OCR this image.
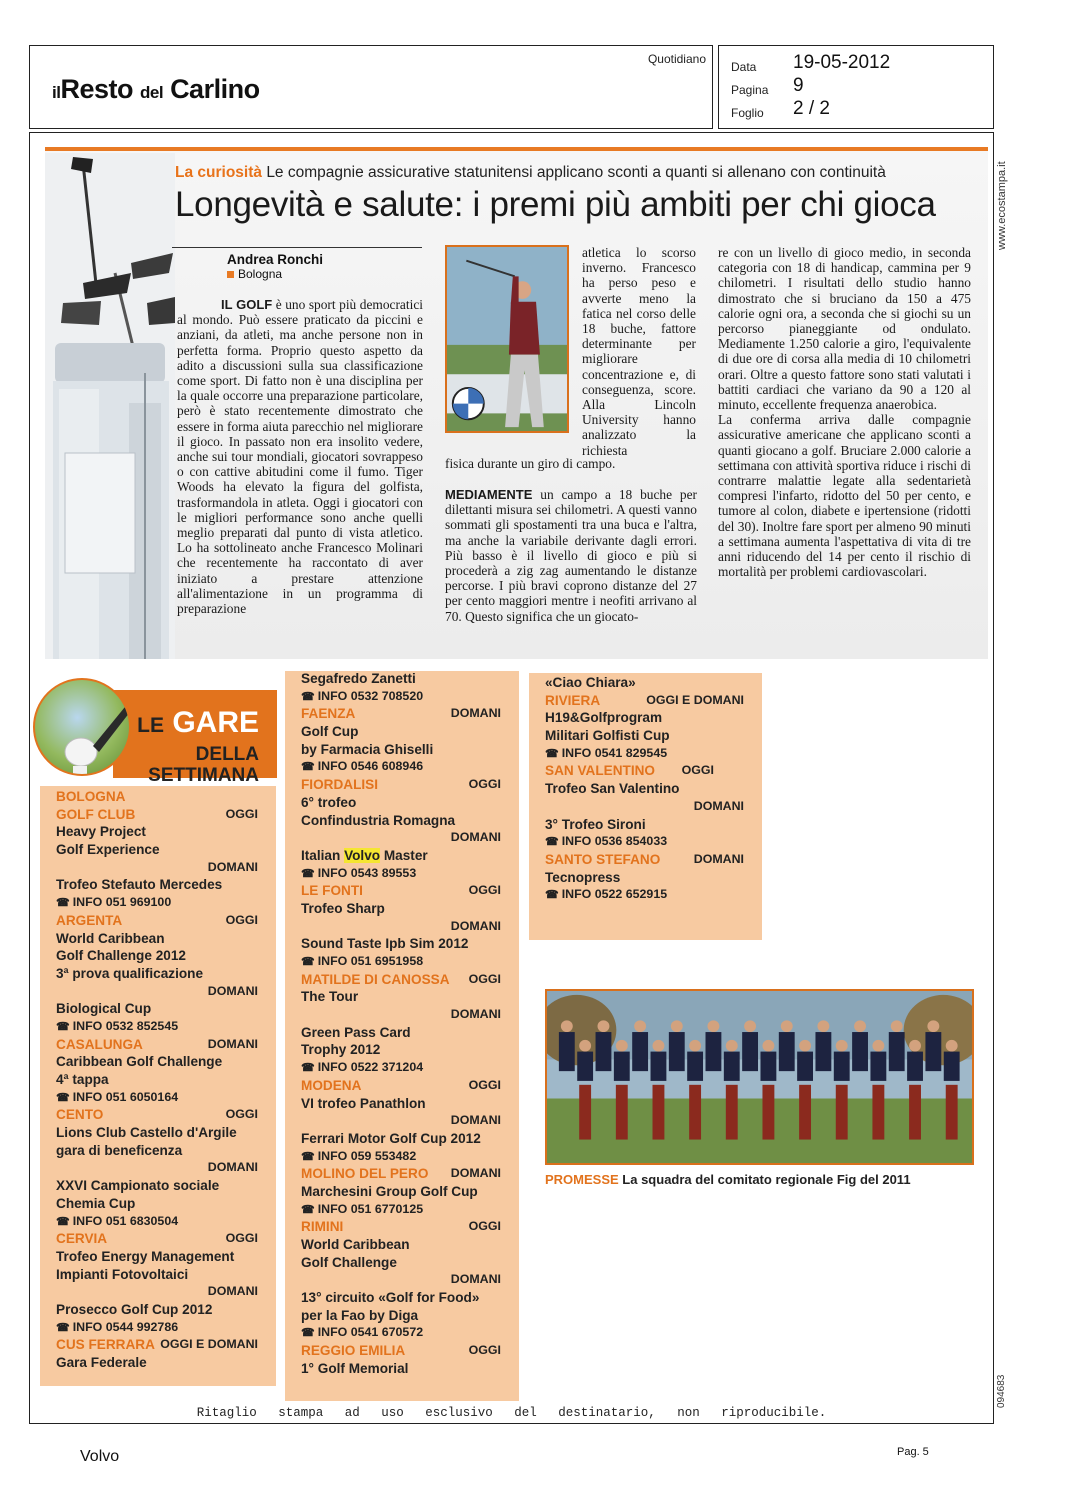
ilResto del Carlino
Quotidiano
Data	19-05-2012
Pagina	9
Foglio	2 / 2
www.ecostampa.it
094683
Ritaglio stampa ad uso esclusivo del destinatario, non riproducibile.
La curiosità Le compagnie assicurative statunitensi applicano sconti a quanti si allenano con continuità
Longevità e salute: i premi più ambiti per chi gioca
Andrea Ronchi
Bologna

IL GOLF è uno sport più democratici al mondo. Può essere praticato da piccini e anziani, da atleti, ma anche persone non in perfetta forma. Proprio questo aspetto da adito a discussioni sulla sua classificazione come sport. Di fatto non è una disciplina per la quale occorre una preparazione particolare, però è stato recentemente dimostrato che essere in forma aiuta parecchio nel migliorare il gioco. In passato non era insolito vedere, anche sui tour mondiali, giocatori sovrappeso o con cattive abitudini come il fumo. Tiger Woods ha elevato la figura del golfista, trasformandola in atleta. Oggi i giocatori con le migliori performance sono anche quelli meglio preparati dal punto di vista atletico. Lo ha sottolineato anche Francesco Molinari che recentemente ha raccontato di aver iniziato a prestare attenzione all'alimentazione in un programma di preparazione

atletica lo scorso inverno. Francesco ha perso peso e avverte meno la fatica nel corso delle 18 buche, fattore determinante per migliorare concentrazione e, di conseguenza, score. Alla Lincoln University hanno analizzato la richiesta

fisica durante un giro di campo.

MEDIAMENTE un campo a 18 buche per dilettanti misura sei chilometri. A questi vanno sommati gli spostamenti tra una buca e l'altra, ma anche la variabile derivante dagli errori. Più basso è il livello di gioco e più si procederà a zig zag aumentando le distanze percorse. I più bravi coprono distanze del 27 per cento maggiori mentre i neofiti arrivano al 70. Questo significa che un giocato-

re con un livello di gioco medio, in seconda categoria con 18 di handicap, cammina per 9 chilometri. I risultati dello studio hanno dimostrato che si bruciano da 150 a 475 calorie ogni ora, a seconda che si giochi su un percorso pianeggiante od ondulato. Mediamente 1.250 calorie a giro, l'equivalente di due ore di corsa alla media di 10 chilometri orari. Oltre a questo fattore sono stati valutati i battiti cardiaci che variano da 90 a 120 al minuto, eccellente frequenza anaerobica.

La conferma arriva dalle compagnie assicurative americane che applicano sconti a quanti giocano a golf. Bruciare 2.000 calorie a settimana con attività sportiva riduce i rischi di contrarre malattie legate alla sedentarietà compresi l'infarto, ridotto del 50 per cento, e tumore al colon, diabete e ipertensione (ridotti del 30). Inoltre fare sport per almeno 90 minuti a settimana aumenta l'aspettativa di vita di tre anni riducendo del 14 per cento il rischio di mortalità per problemi cardiovascolari.

LE GARE
DELLA
SETTIMANA
BOLOGNA
GOLF CLUB	OGGI
Heavy Project
Golf Experience
DOMANI
Trofeo Stefauto Mercedes
☎ INFO 051 969100
ARGENTA	OGGI
World Caribbean
Golf Challenge 2012
3ª prova qualificazione
DOMANI
Biological Cup
☎ INFO 0532 852545
CASALUNGA	DOMANI
Caribbean Golf Challenge
4ª tappa
☎ INFO 051 6050164
CENTO	OGGI
Lions Club Castello d'Argile
gara di beneficenza
DOMANI
XXVI Campionato sociale
Chemia Cup
☎ INFO 051 6830504
CERVIA	OGGI
Trofeo Energy Management
Impianti Fotovoltaici
DOMANI
Prosecco Golf Cup 2012
☎ INFO 0544 992786
CUS FERRARA OGGI E DOMANI
Gara Federale
Segafredo Zanetti
☎ INFO 0532 708520
FAENZA	DOMANI
Golf Cup
by Farmacia Ghiselli
☎ INFO 0546 608946
FIORDALISI	OGGI
6° trofeo
Confindustria Romagna
DOMANI
Italian Volvo Master
☎ INFO 0543 89553
LE FONTI	OGGI
Trofeo Sharp
DOMANI
Sound Taste Ipb Sim 2012
☎ INFO 051 6951958
MATILDE DI CANOSSA OGGI
The Tour
DOMANI
Green Pass Card
Trophy 2012
☎ INFO 0522 371204
MODENA	OGGI
VI trofeo Panathlon
DOMANI
Ferrari Motor Golf Cup 2012
☎ INFO 059 553482
MOLINO DEL PERO DOMANI
Marchesini Group Golf Cup
☎ INFO 051 6770125
RIMINI	OGGI
World Caribbean
Golf Challenge
DOMANI
13° circuito «Golf for Food»
per la Fao by Diga
☎ INFO 0541 670572
REGGIO EMILIA	OGGI
1° Golf Memorial
«Ciao Chiara»
RIVIERA	OGGI E DOMANI
H19&Golfprogram
Militari Golfisti Cup
☎ INFO 0541 829545
SAN VALENTINO OGGI
Trofeo San Valentino
DOMANI
3° Trofeo Sironi
☎ INFO 0536 854033
SANTO STEFANO	DOMANI
Tecnopress
☎ INFO 0522 652915
PROMESSE La squadra del comitato regionale Fig del 2011
Volvo	Pag. 5
